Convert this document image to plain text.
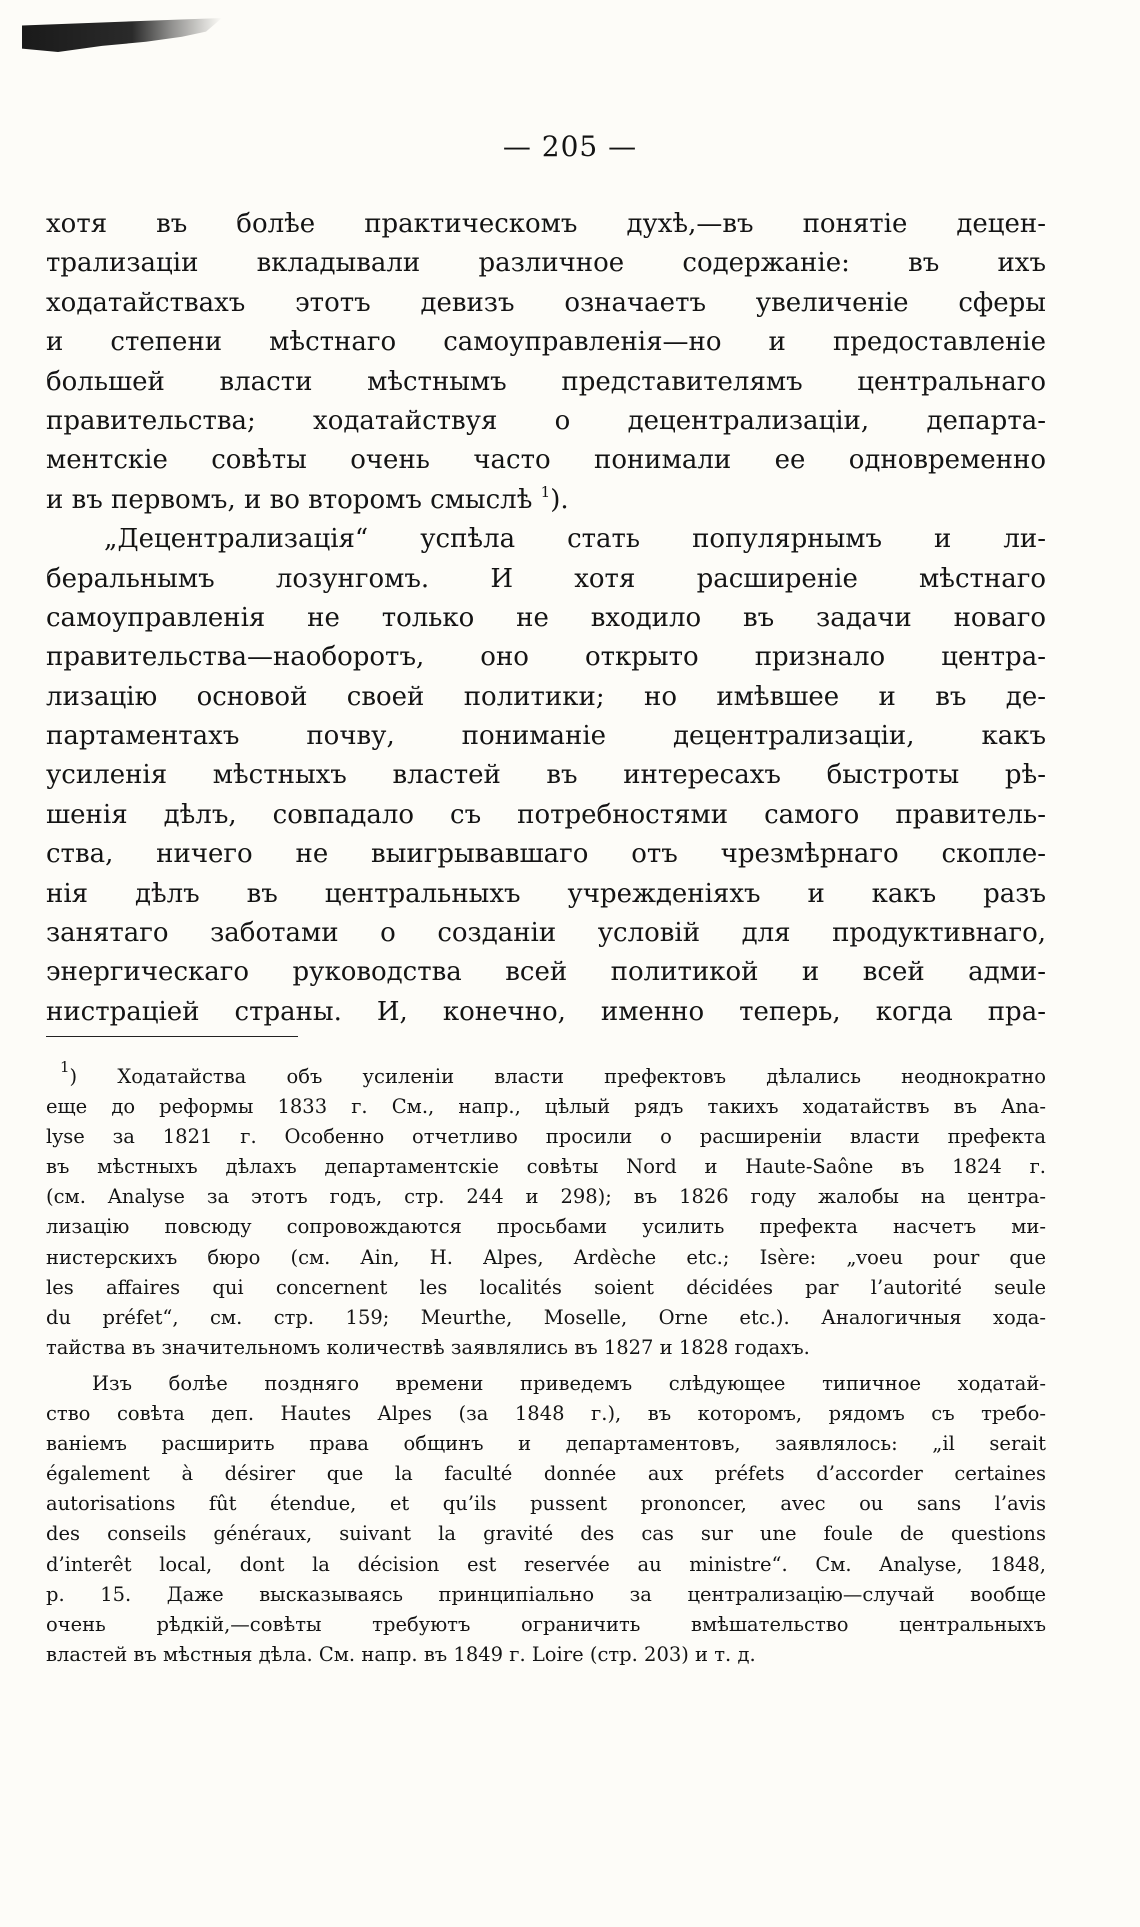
— 205 —
хотя въ болѣе практическомъ духѣ,—въ понятіе децен-
трализаціи вкладывали различное содержаніе: въ ихъ
ходатайствахъ этотъ девизъ означаетъ увеличеніе сферы
и степени мѣстнаго самоуправленія—но и предоставленіе
большей власти мѣстнымъ представителямъ центральнаго
правительства; ходатайствуя о децентрализаціи, департа-
ментскіе совѣты очень часто понимали ее одновременно
и въ первомъ, и во второмъ смыслѣ $^1$).
„Децентрализація“ успѣла стать популярнымъ и ли-
беральнымъ лозунгомъ. И хотя расширеніе мѣстнаго
самоуправленія не только не входило въ задачи новаго
правительства—наоборотъ, оно открыто признало центра-
лизацію основой своей политики; но имѣвшее и въ де-
партаментахъ почву, пониманіе децентрализаціи, какъ
усиленія мѣстныхъ властей въ интересахъ быстроты рѣ-
шенія дѣлъ, совпадало съ потребностями самого правитель-
ства, ничего не выигрывавшаго отъ чрезмѣрнаго скопле-
нія дѣлъ въ центральныхъ учрежденіяхъ и какъ разъ
занятаго заботами о созданіи условій для продуктивнаго,
энергическаго руководства всей политикой и всей адми-
нистраціей страны. И, конечно, именно теперь, когда пра-
$^1$) Ходатайства объ усиленіи власти префектовъ дѣлались неоднократно
еще до реформы 1833 г. См., напр., цѣлый рядъ такихъ ходатайствъ въ Ana-
lyse за 1821 г. Особенно отчетливо просили о расширеніи власти префекта
въ мѣстныхъ дѣлахъ департаментскіе совѣты Nord и Haute-Saône въ 1824 г.
(см. Analyse за этотъ годъ, стр. 244 и 298); въ 1826 году жалобы на центра-
лизацію повсюду сопровождаются просьбами усилить префекта насчетъ ми-
нистерскихъ бюро (см. Ain, H. Alpes, Ardèche etc.; Isère: „voeu pour que
les affaires qui concernent les localités soient décidées par l’autorité seule
du préfet“, см. стр. 159; Meurthe, Moselle, Orne etc.). Аналогичныя хода-
тайства въ значительномъ количествѣ заявлялись въ 1827 и 1828 годахъ.
Изъ болѣе поздняго времени приведемъ слѣдующее типичное ходатай-
ство совѣта деп. Hautes Alpes (за 1848 г.), въ которомъ, рядомъ съ требо-
ваніемъ расширить права общинъ и департаментовъ, заявлялось: „il serait
également à désirer que la faculté donnée aux préfets d’accorder certaines
autorisations fût étendue, et qu’ils pussent prononcer, avec ou sans l’avis
des conseils généraux, suivant la gravité des cas sur une foule de questions
d’interêt local, dont la décision est reservée au ministre“. См. Analyse, 1848,
р. 15. Даже высказываясь принципіально за централизацію—случай вообще
очень рѣдкій,—совѣты требуютъ ограничить вмѣшательство центральныхъ
властей въ мѣстныя дѣла. См. напр. въ 1849 г. Loire (стр. 203) и т. д.
